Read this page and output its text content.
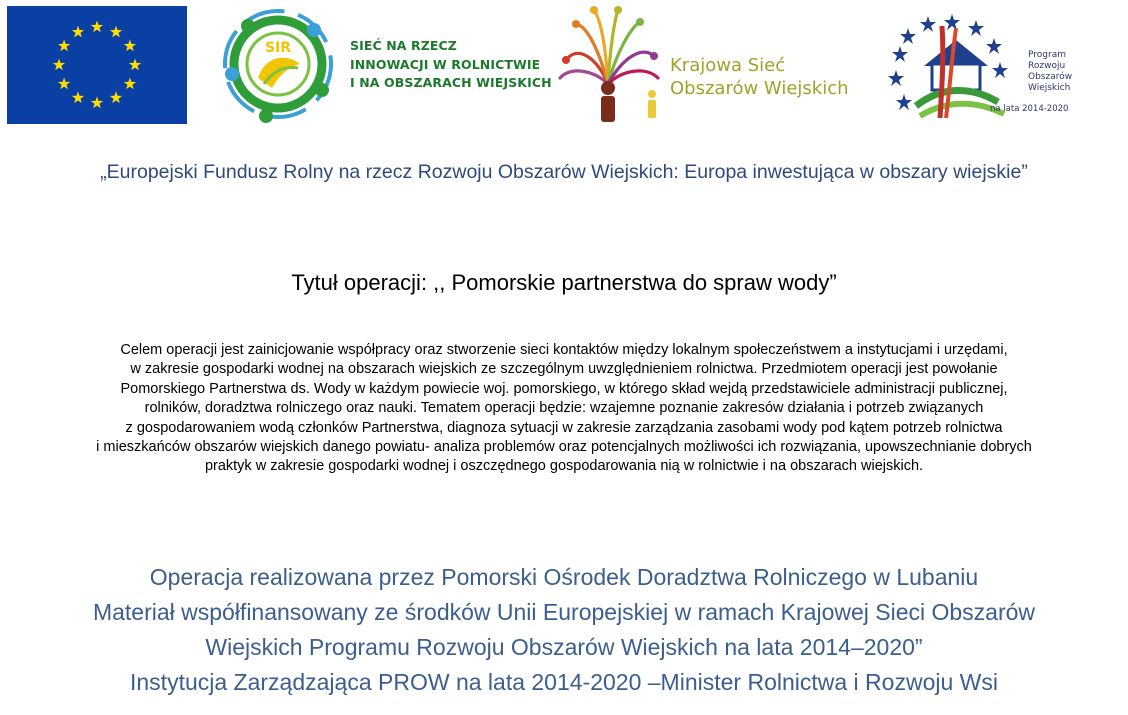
SIR	SIEĆ NA RZECZ
INNOWACJI W ROLNICTWIE
I NA OBSZARACH WIEJSKICH
Krajowa Sieć
Obszarów Wiejskich
Program
Rozwoju
Obszarów
Wiejskich
na lata 2014-2020
„Europejski Fundusz Rolny na rzecz Rozwoju Obszarów Wiejskich: Europa inwestująca w obszary wiejskie”
Tytuł operacji: ,, Pomorskie partnerstwa do spraw wody”
Celem operacji jest zainicjowanie współpracy oraz stworzenie sieci kontaktów między lokalnym społeczeństwem a instytucjami i urzędami,
w zakresie gospodarki wodnej na obszarach wiejskich ze szczególnym uwzględnieniem rolnictwa. Przedmiotem operacji jest powołanie
Pomorskiego Partnerstwa ds. Wody w każdym powiecie woj. pomorskiego, w którego skład wejdą przedstawiciele administracji publicznej,
rolników, doradztwa rolniczego oraz nauki. Tematem operacji będzie: wzajemne poznanie zakresów działania i potrzeb związanych
z gospodarowaniem wodą członków Partnerstwa, diagnoza sytuacji w zakresie zarządzania zasobami wody pod kątem potrzeb rolnictwa
i mieszkańców obszarów wiejskich danego powiatu- analiza problemów oraz potencjalnych możliwości ich rozwiązania, upowszechnianie dobrych
praktyk w zakresie gospodarki wodnej i oszczędnego gospodarowania nią w rolnictwie i na obszarach wiejskich.
Operacja realizowana przez Pomorski Ośrodek Doradztwa Rolniczego w Lubaniu
Materiał współfinansowany ze środków Unii Europejskiej w ramach Krajowej Sieci Obszarów
Wiejskich Programu Rozwoju Obszarów Wiejskich na lata 2014–2020”
Instytucja Zarządzająca PROW na lata 2014-2020 –Minister Rolnictwa i Rozwoju Wsi
